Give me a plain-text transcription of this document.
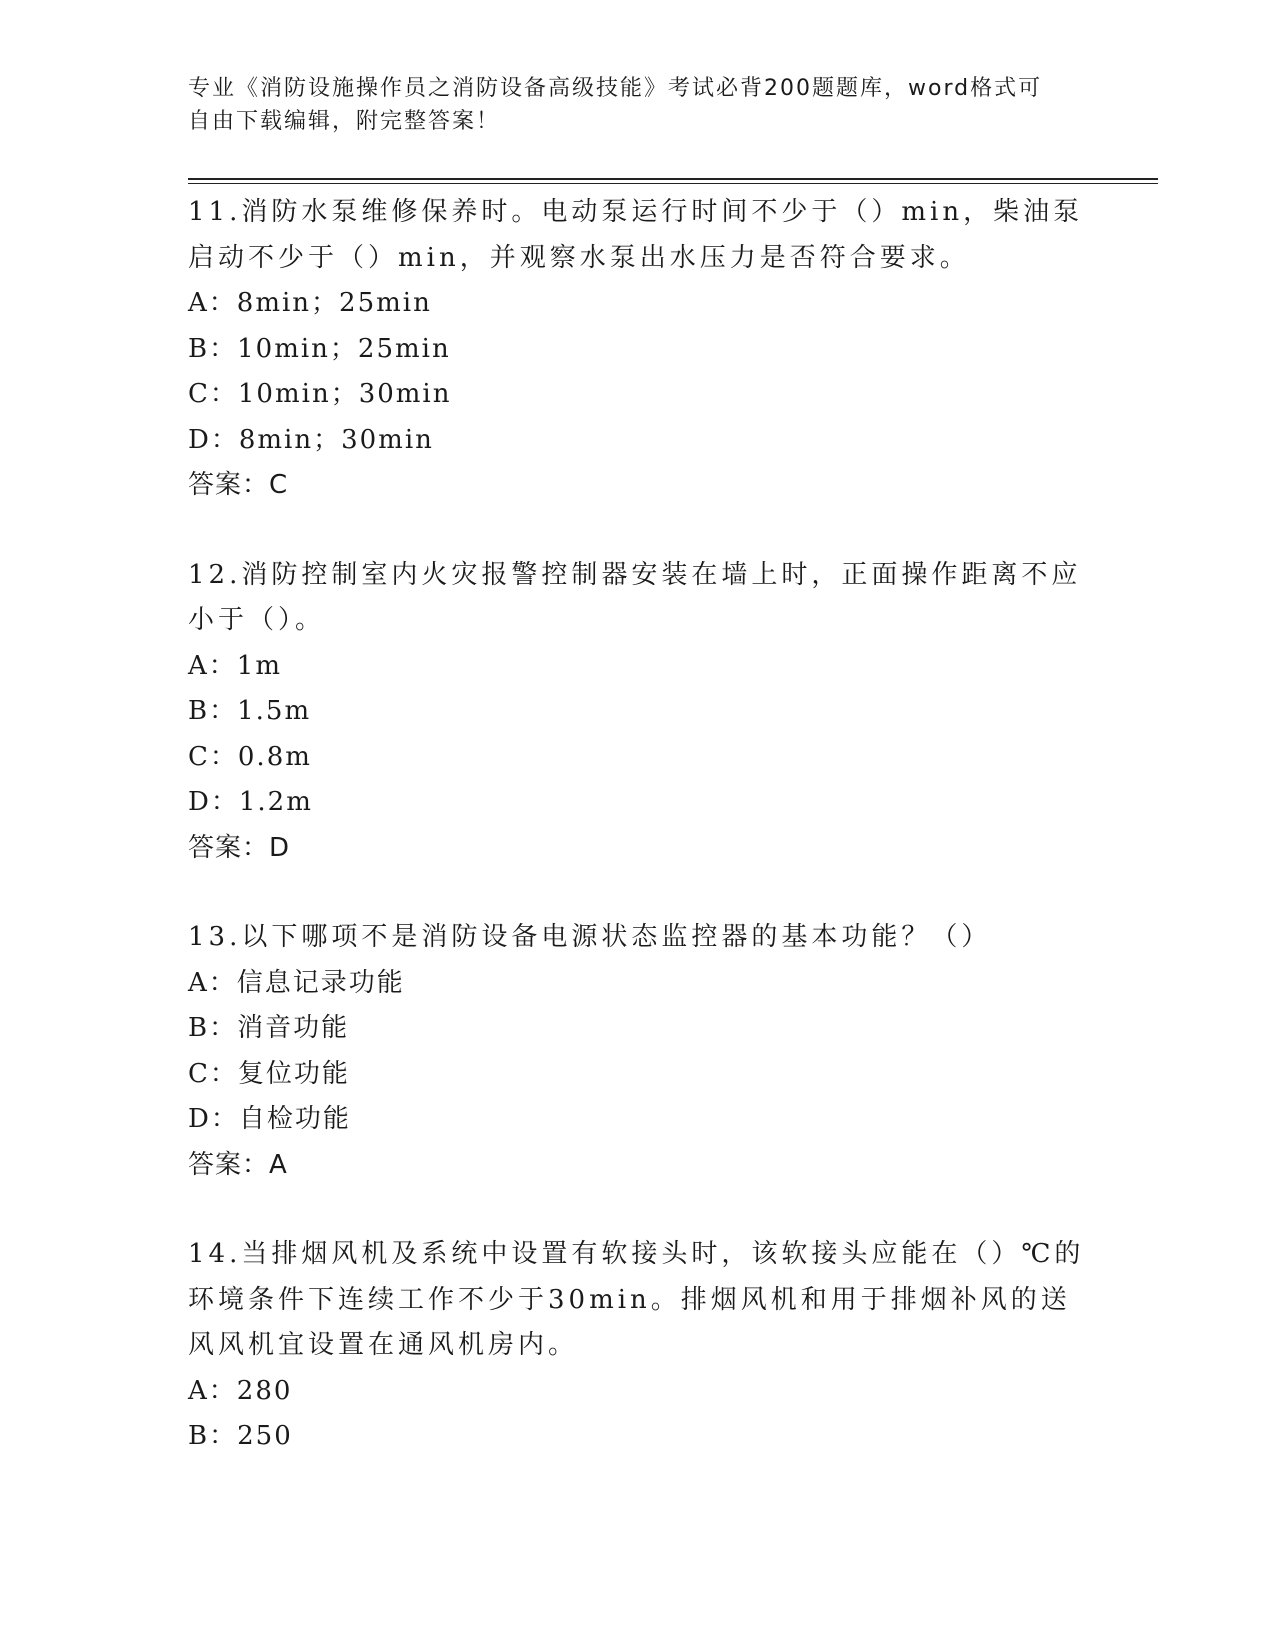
专业《消防设施操作员之消防设备高级技能》考试必背200题题库，word格式可自由下载编辑，附完整答案！
11.消防水泵维修保养时。电动泵运行时间不少于（）min，柴油泵启动不少于（）min，并观察水泵出水压力是否符合要求。
A：8min；25min
B：10min；25min
C：10min；30min
D：8min；30min
答案：C
12.消防控制室内火灾报警控制器安装在墙上时，正面操作距离不应小于（）。
A：1m
B：1.5m
C：0.8m
D：1.2m
答案：D
13.以下哪项不是消防设备电源状态监控器的基本功能？（）
A：信息记录功能
B：消音功能
C：复位功能
D：自检功能
答案：A
14.当排烟风机及系统中设置有软接头时，该软接头应能在（）℃的环境条件下连续工作不少于30min。排烟风机和用于排烟补风的送风风机宜设置在通风机房内。
A：280
B：250
